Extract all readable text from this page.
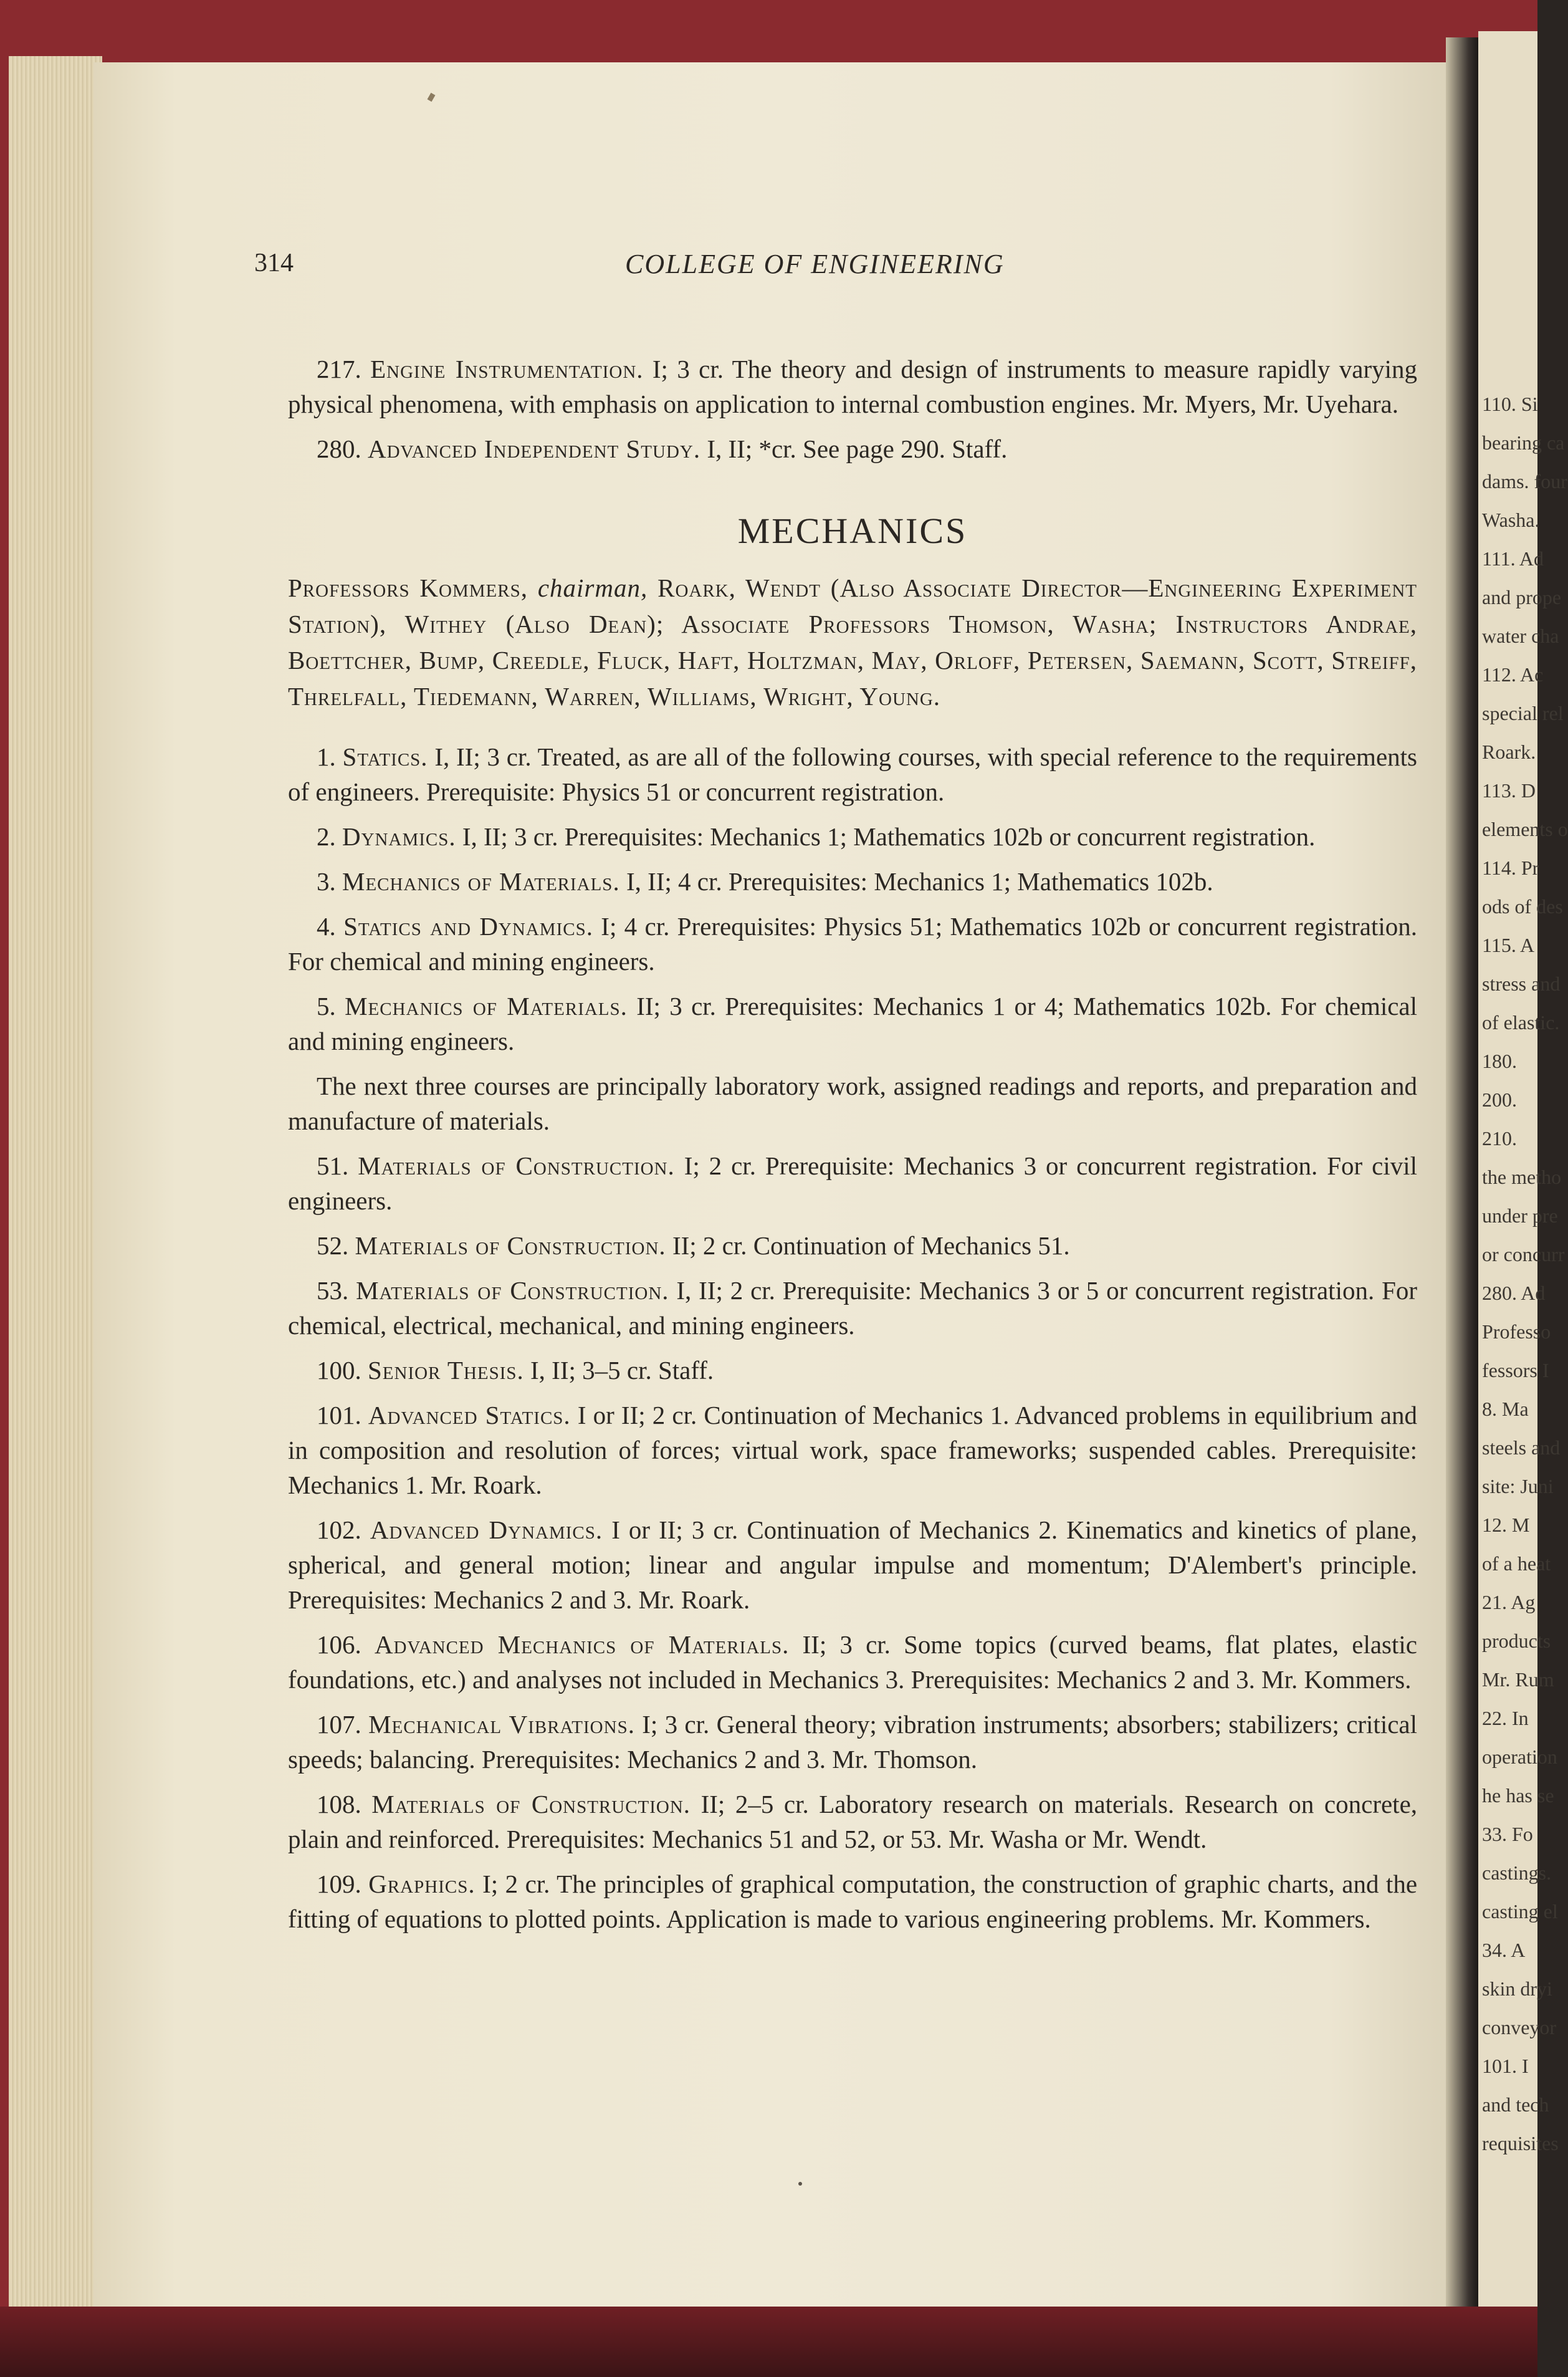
110. Si
bearing ca
dams. four
Washa.
111. Ad
and prope
water cha
112. Ac
special rel
Roark.
113. D
elements o
114. Pr
ods of des
115. A
stress and
of elastic.
180.
200.
210.
the metho
under pre
or concurr
280. Ad
Professo
fessors I
8. Ma
steels and
site: Juni
12. M
of a heat
21. Ag
products
Mr. Rum
22. In
operation
he has se
33. Fo
castings.
casting el
34. A
skin dryi
conveyor
101. I
and tech
requisites
314	COLLEGE OF ENGINEERING

217. Engine Instrumentation. I; 3 cr. The theory and design of instruments to measure rapidly varying physical phenomena, with emphasis on application to internal combustion engines. Mr. Myers, Mr. Uyehara.

280. Advanced Independent Study. I, II; *cr. See page 290. Staff.

MECHANICS

Professors Kommers, chairman, Roark, Wendt (Also Associate Director—Engineering Experiment Station), Withey (Also Dean); Associate Professors Thomson, Washa; Instructors Andrae, Boettcher, Bump, Creedle, Fluck, Haft, Holtzman, May, Orloff, Petersen, Saemann, Scott, Streiff, Threlfall, Tiedemann, Warren, Williams, Wright, Young.

1. Statics. I, II; 3 cr. Treated, as are all of the following courses, with special reference to the requirements of engineers. Prerequisite: Physics 51 or concurrent registration.

2. Dynamics. I, II; 3 cr. Prerequisites: Mechanics 1; Mathematics 102b or concurrent registration.

3. Mechanics of Materials. I, II; 4 cr. Prerequisites: Mechanics 1; Mathematics 102b.

4. Statics and Dynamics. I; 4 cr. Prerequisites: Physics 51; Mathematics 102b or concurrent registration. For chemical and mining engineers.

5. Mechanics of Materials. II; 3 cr. Prerequisites: Mechanics 1 or 4; Mathematics 102b. For chemical and mining engineers.

The next three courses are principally laboratory work, assigned readings and reports, and preparation and manufacture of materials.

51. Materials of Construction. I; 2 cr. Prerequisite: Mechanics 3 or concurrent registration. For civil engineers.

52. Materials of Construction. II; 2 cr. Continuation of Mechanics 51.

53. Materials of Construction. I, II; 2 cr. Prerequisite: Mechanics 3 or 5 or concurrent registration. For chemical, electrical, mechanical, and mining engineers.

100. Senior Thesis. I, II; 3–5 cr. Staff.

101. Advanced Statics. I or II; 2 cr. Continuation of Mechanics 1. Advanced problems in equilibrium and in composition and resolution of forces; virtual work, space frameworks; suspended cables. Prerequisite: Mechanics 1. Mr. Roark.

102. Advanced Dynamics. I or II; 3 cr. Continuation of Mechanics 2. Kinematics and kinetics of plane, spherical, and general motion; linear and angular impulse and momentum; D'Alembert's principle. Prerequisites: Mechanics 2 and 3. Mr. Roark.

106. Advanced Mechanics of Materials. II; 3 cr. Some topics (curved beams, flat plates, elastic foundations, etc.) and analyses not included in Mechanics 3. Prerequisites: Mechanics 2 and 3. Mr. Kommers.

107. Mechanical Vibrations. I; 3 cr. General theory; vibration instruments; absorbers; stabilizers; critical speeds; balancing. Prerequisites: Mechanics 2 and 3. Mr. Thomson.

108. Materials of Construction. II; 2–5 cr. Laboratory research on materials. Research on concrete, plain and reinforced. Prerequisites: Mechanics 51 and 52, or 53. Mr. Washa or Mr. Wendt.

109. Graphics. I; 2 cr. The principles of graphical computation, the construction of graphic charts, and the fitting of equations to plotted points. Application is made to various engineering problems. Mr. Kommers.
